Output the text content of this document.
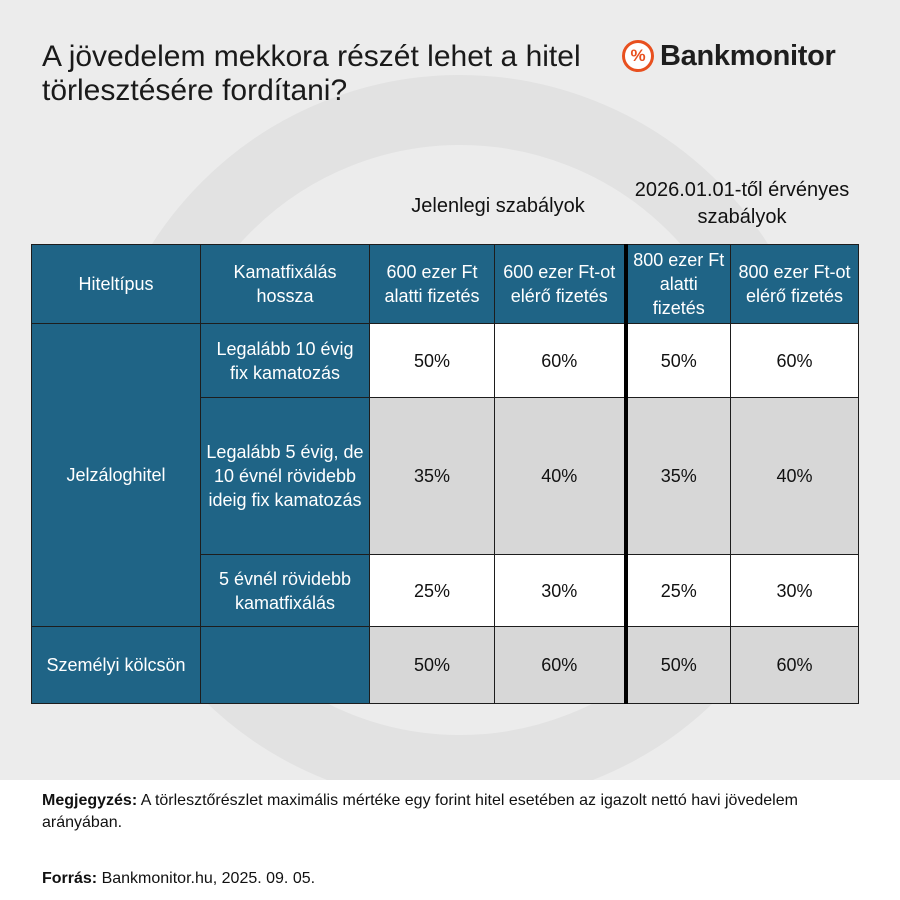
A jövedelem mekkora részét lehet a hitel törlesztésére fordítani?
% Bankmonitor
Jelenlegi szabályok
2026.01.01-től érvényes szabályok
Hiteltípus	Kamatfixálás hossza	600 ezer Ft alatti fizetés	600 ezer Ft-ot elérő fizetés	800 ezer Ft alatti fizetés	800 ezer Ft-ot elérő fizetés
Jelzáloghitel	Legalább 10 évig fix kamatozás	50%	60%	50%	60%
	Legalább 5 évig, de 10 évnél rövidebb ideig fix kamatozás	35%	40%	35%	40%
	5 évnél rövidebb kamatfixálás	25%	30%	25%	30%
Személyi kölcsön		50%	60%	50%	60%
Megjegyzés: A törlesztőrészlet maximális mértéke egy forint hitel esetében az igazolt nettó havi jövedelem arányában.
Forrás: Bankmonitor.hu, 2025. 09. 05.
